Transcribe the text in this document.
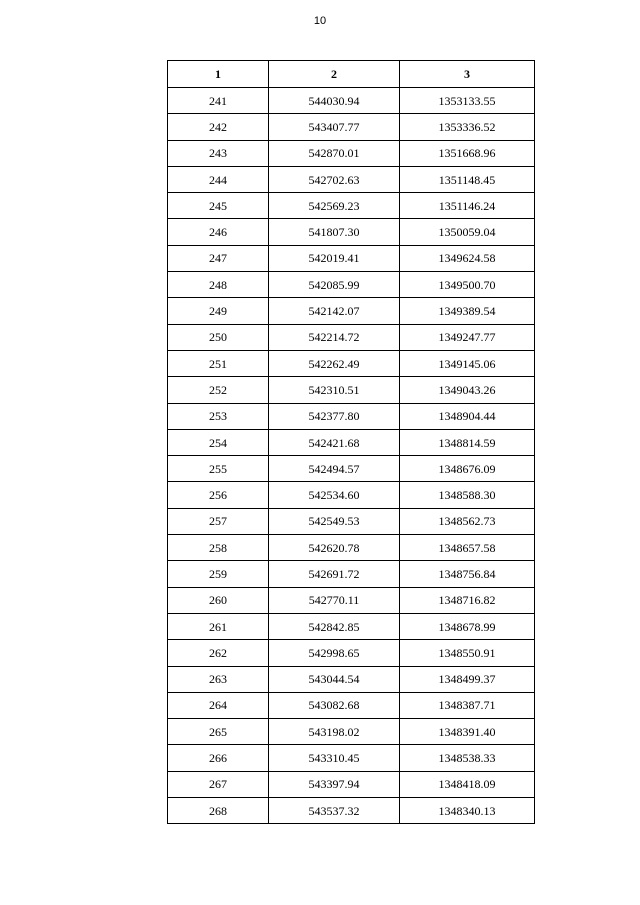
10
1	2	3
241	544030.94	1353133.55
242	543407.77	1353336.52
243	542870.01	1351668.96
244	542702.63	1351148.45
245	542569.23	1351146.24
246	541807.30	1350059.04
247	542019.41	1349624.58
248	542085.99	1349500.70
249	542142.07	1349389.54
250	542214.72	1349247.77
251	542262.49	1349145.06
252	542310.51	1349043.26
253	542377.80	1348904.44
254	542421.68	1348814.59
255	542494.57	1348676.09
256	542534.60	1348588.30
257	542549.53	1348562.73
258	542620.78	1348657.58
259	542691.72	1348756.84
260	542770.11	1348716.82
261	542842.85	1348678.99
262	542998.65	1348550.91
263	543044.54	1348499.37
264	543082.68	1348387.71
265	543198.02	1348391.40
266	543310.45	1348538.33
267	543397.94	1348418.09
268	543537.32	1348340.13
